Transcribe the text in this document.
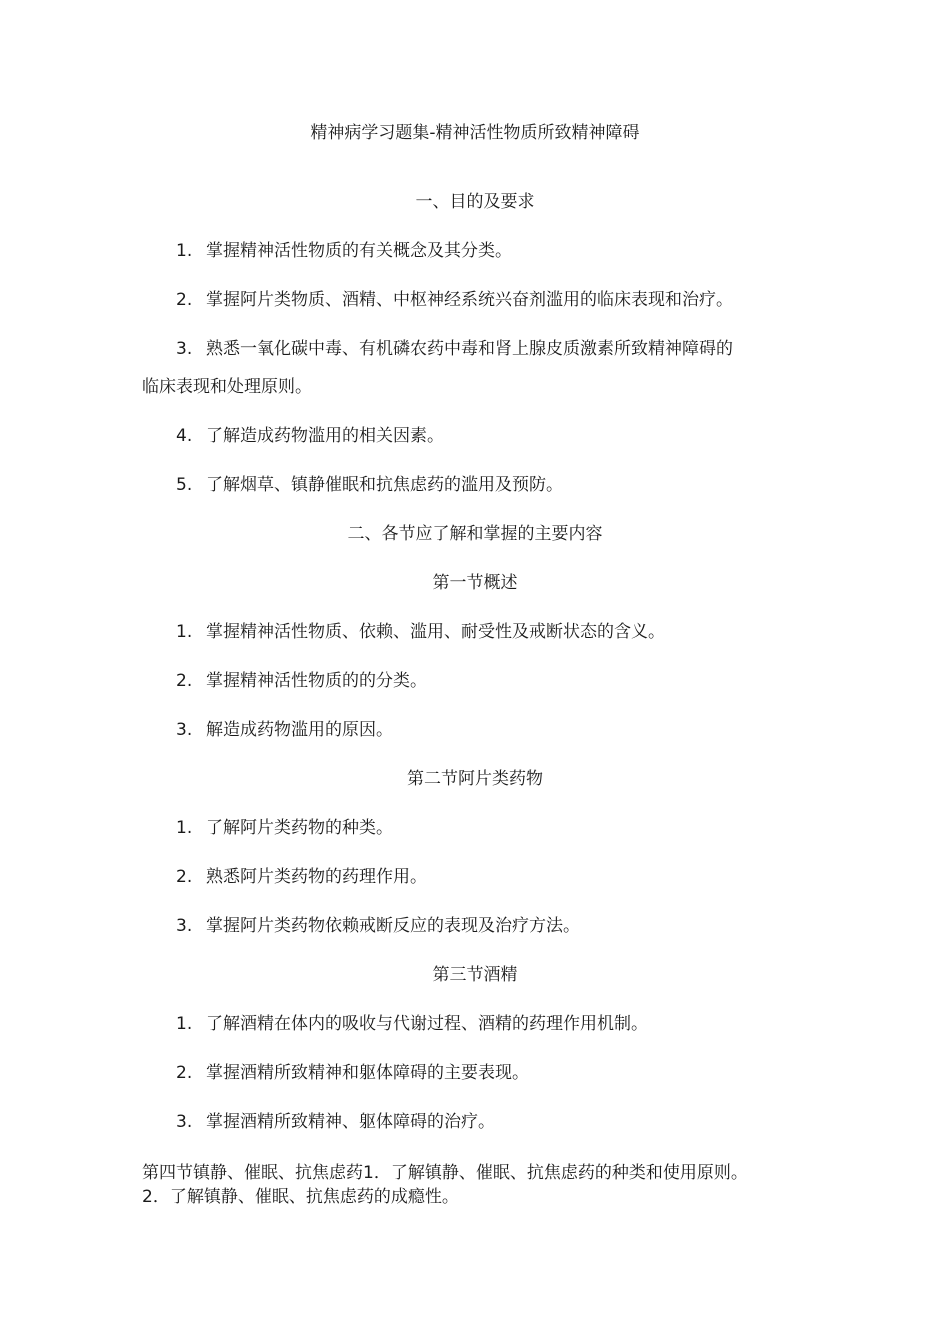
精神病学习题集-精神活性物质所致精神障碍
一、目的及要求
1. 掌握精神活性物质的有关概念及其分类。
2. 掌握阿片类物质、酒精、中枢神经系统兴奋剂滥用的临床表现和治疗。
3. 熟悉一氧化碳中毒、有机磷农药中毒和肾上腺皮质激素所致精神障碍的
临床表现和处理原则。
4. 了解造成药物滥用的相关因素。
5. 了解烟草、镇静催眠和抗焦虑药的滥用及预防。
二、各节应了解和掌握的主要内容
第一节概述
1. 掌握精神活性物质、依赖、滥用、耐受性及戒断状态的含义。
2. 掌握精神活性物质的的分类。
3. 解造成药物滥用的原因。
第二节阿片类药物
1. 了解阿片类药物的种类。
2. 熟悉阿片类药物的药理作用。
3. 掌握阿片类药物依赖戒断反应的表现及治疗方法。
第三节酒精
1. 了解酒精在体内的吸收与代谢过程、酒精的药理作用机制。
2. 掌握酒精所致精神和躯体障碍的主要表现。
3. 掌握酒精所致精神、躯体障碍的治疗。
第四节镇静、催眠、抗焦虑药1．了解镇静、催眠、抗焦虑药的种类和使用原则。
2．了解镇静、催眠、抗焦虑药的成瘾性。
